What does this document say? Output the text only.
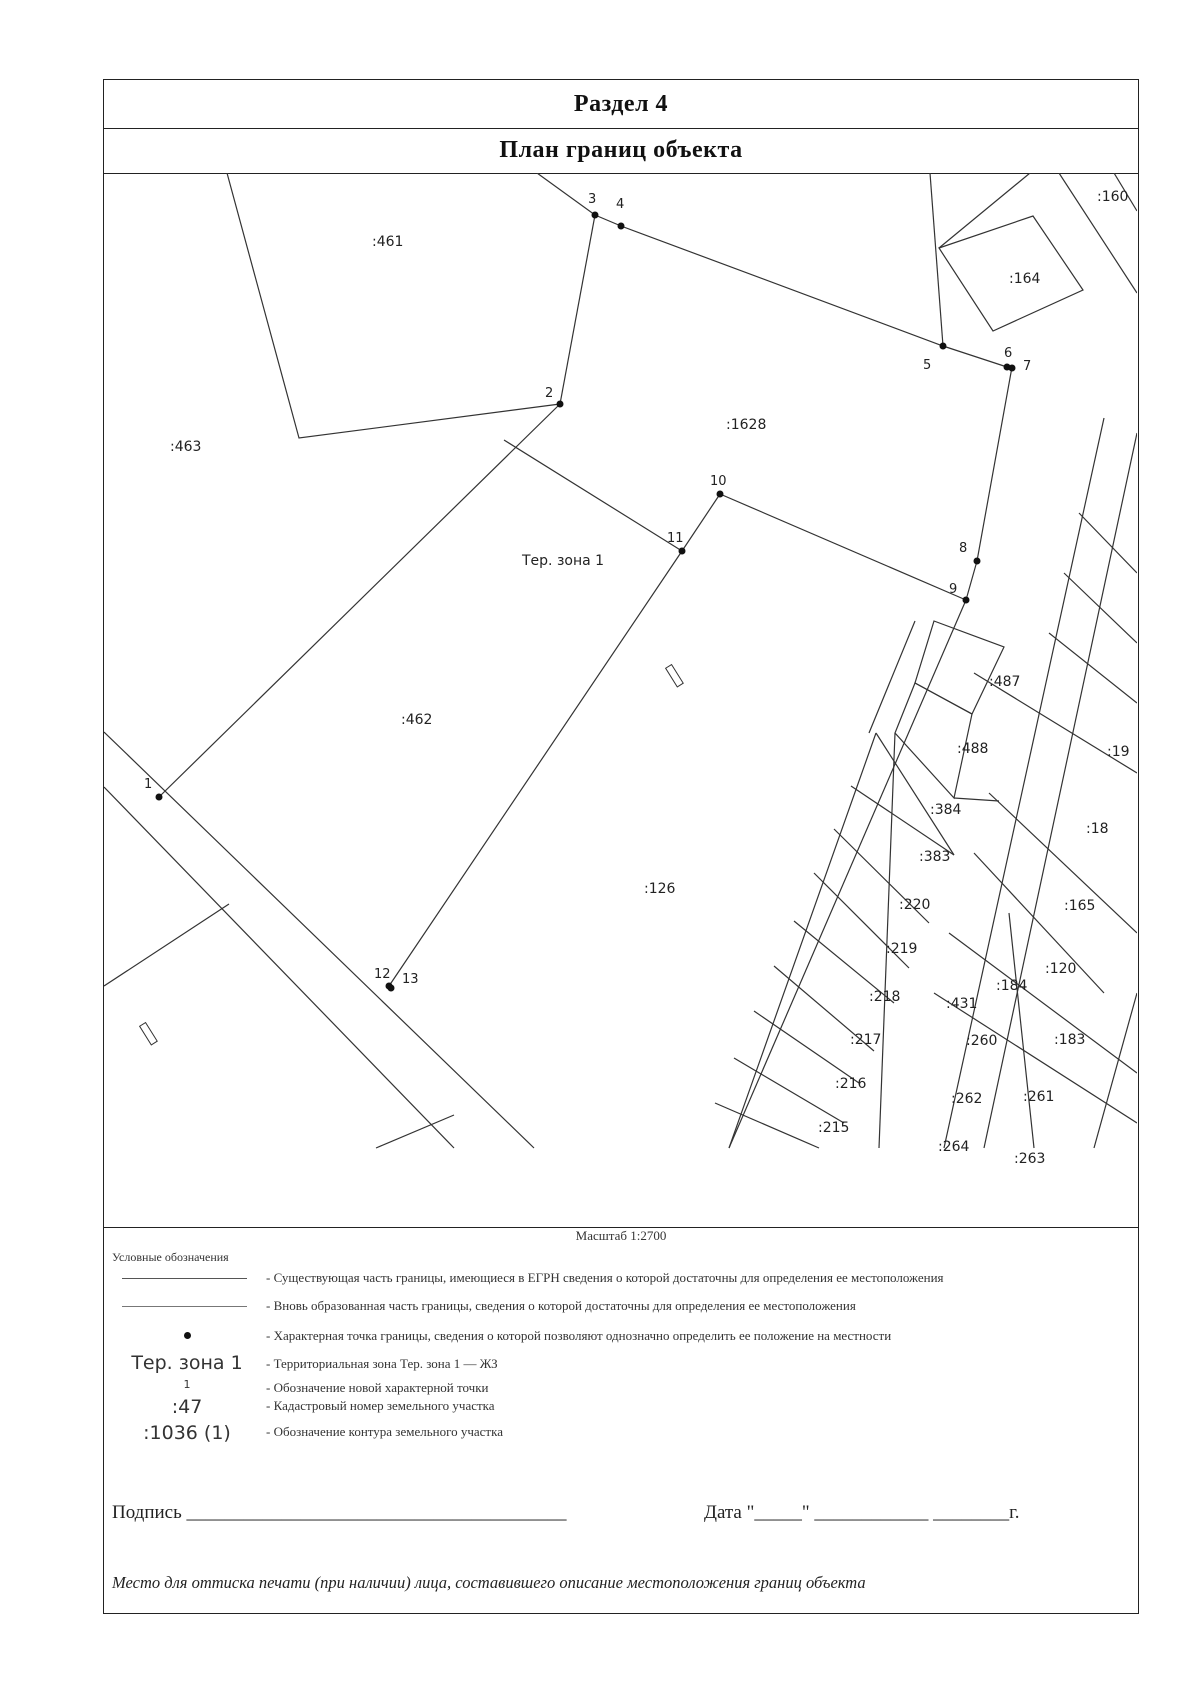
Раздел 4
План границ объекта
1
2
3 4
5
6
7
8
9
10
11
12 13
:461
:463
:1628
:160
:164
Тер. зона 1
:462
:126
:487
:488	:19
:384
:18
:383
:220	:165
:219
:120
:218	:431
:184
:217	:260	:183
:216
:262	:261
:215
:264
:263
Масштаб 1:2700
Условные обозначения
- Существующая часть границы, имеющиеся в ЕГРН сведения о которой достаточны для определения ее местоположения
- Вновь образованная часть границы, сведения о которой достаточны для определения ее местоположения
- Характерная точка границы, сведения о которой позволяют однозначно определить ее положение на местности
Тер. зона 1	- Территориальная зона Тер. зона 1 — ЖЗ
1	- Обозначение новой характерной точки
:47	- Кадастровый номер земельного участка
:1036 (1)	- Обозначение контура земельного участка
Подпись ________________________________________	Дата "_____" ____________ ________г.
Место для оттиска печати (при наличии) лица, составившего описание местоположения границ объекта
